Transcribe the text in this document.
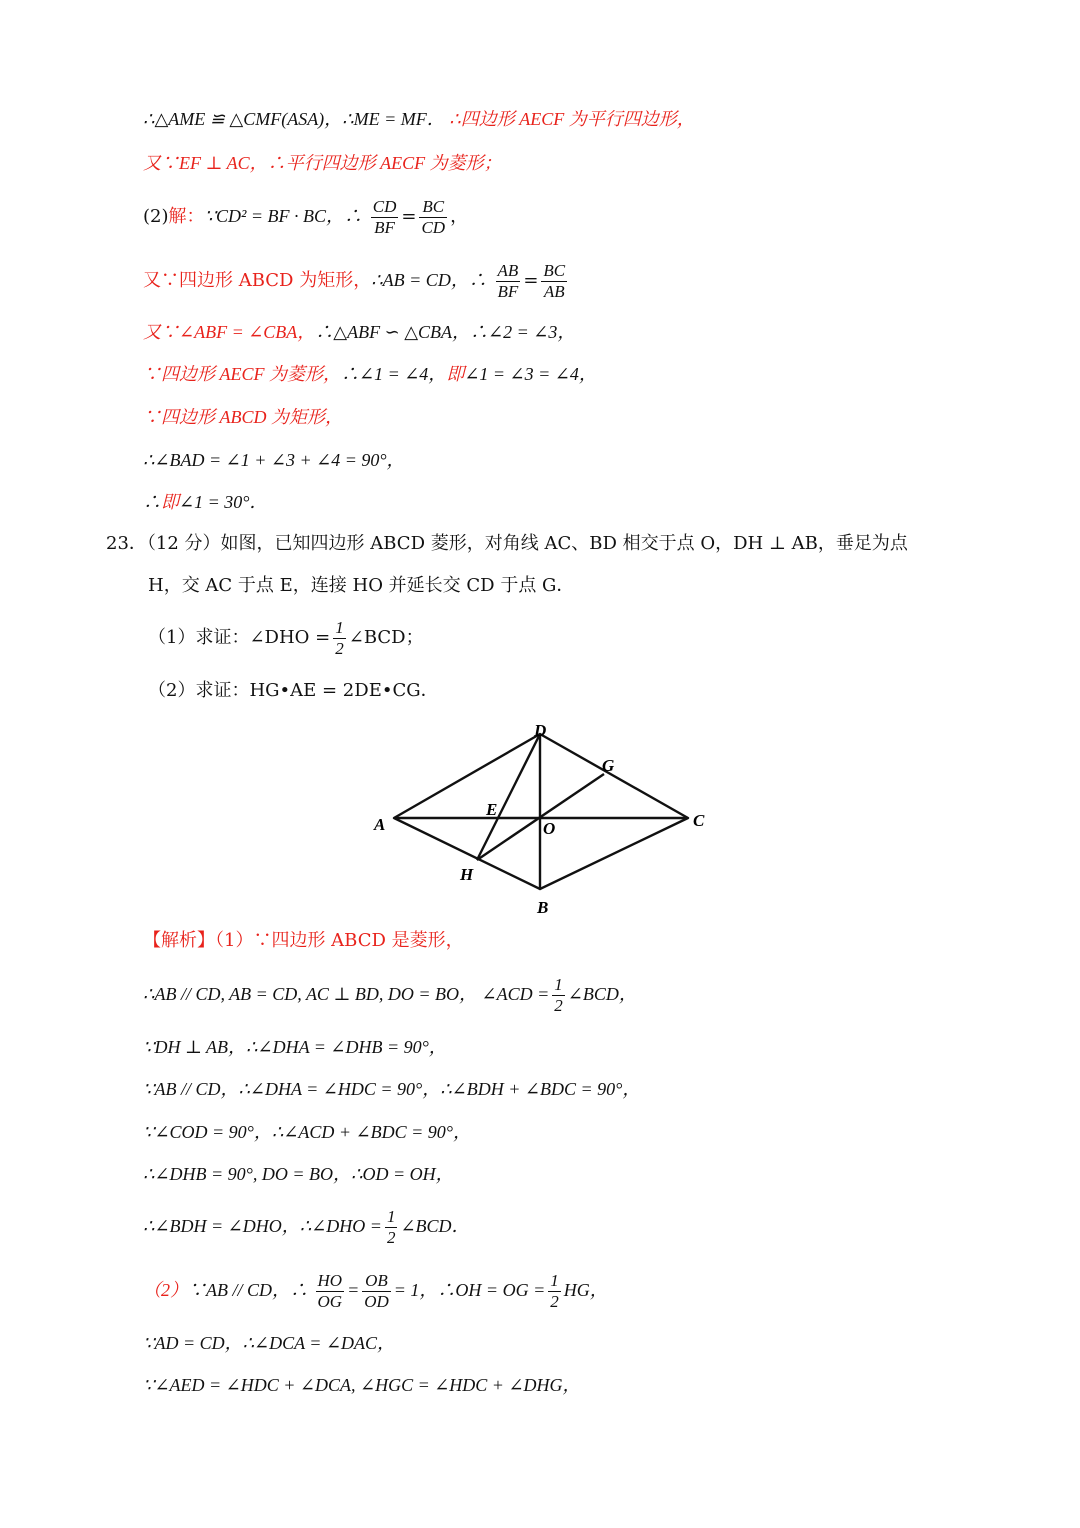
∴△AME ≌ △CMF(ASA)，∴ME = MF． ∴四边形 AECF 为平行四边形，
又∵EF ⊥ AC，∴平行四边形 AECF 为菱形；
(2)解：∵CD² = BF · BC，∴ $\frac{CD}{BF} = \frac{BC}{CD}$ ，
又∵四边形 ABCD 为矩形，∴AB = CD，∴ $\frac{AB}{BF} = \frac{BC}{AB}$
又∵∠ABF = ∠CBA，∴△ABF ∽ △CBA，∴∠2 = ∠3，
∵四边形 AECF 为菱形，∴∠1 = ∠4，即∠1 = ∠3 = ∠4，
∵四边形 ABCD 为矩形，
∴∠BAD = ∠1 + ∠3 + ∠4 = 90°，
∴即∠1 = 30°．
23．（12 分）如图，已知四边形 ABCD 菱形，对角线 AC、BD 相交于点 O，DH ⊥ AB，垂足为点
H，交 AC 于点 E，连接 HO 并延长交 CD 于点 G．
（1）求证：∠DHO = $\frac{1}{2}$ ∠BCD；
（2）求证：HG•AE = 2DE•CG．
D
G
E
A	O	C
H
B
【解析】（1）∵四边形 ABCD 是菱形，
∴AB // CD, AB = CD, AC ⊥ BD, DO = BO， ∠ACD = $\frac{1}{2}$ ∠BCD，
∵DH ⊥ AB，∴∠DHA = ∠DHB = 90°，
∵AB // CD，∴∠DHA = ∠HDC = 90°，∴∠BDH + ∠BDC = 90°，
∵∠COD = 90°，∴∠ACD + ∠BDC = 90°，
∴∠DHB = 90°, DO = BO，∴OD = OH，
∴∠BDH = ∠DHO，∴∠DHO = $\frac{1}{2}$ ∠BCD．
（2）∵AB // CD，∴ $\frac{HO}{OG} = \frac{OB}{OD} = 1$，∴OH = OG = $\frac{1}{2}$ HG，
∵AD = CD，∴∠DCA = ∠DAC，
∵∠AED = ∠HDC + ∠DCA, ∠HGC = ∠HDC + ∠DHG，
